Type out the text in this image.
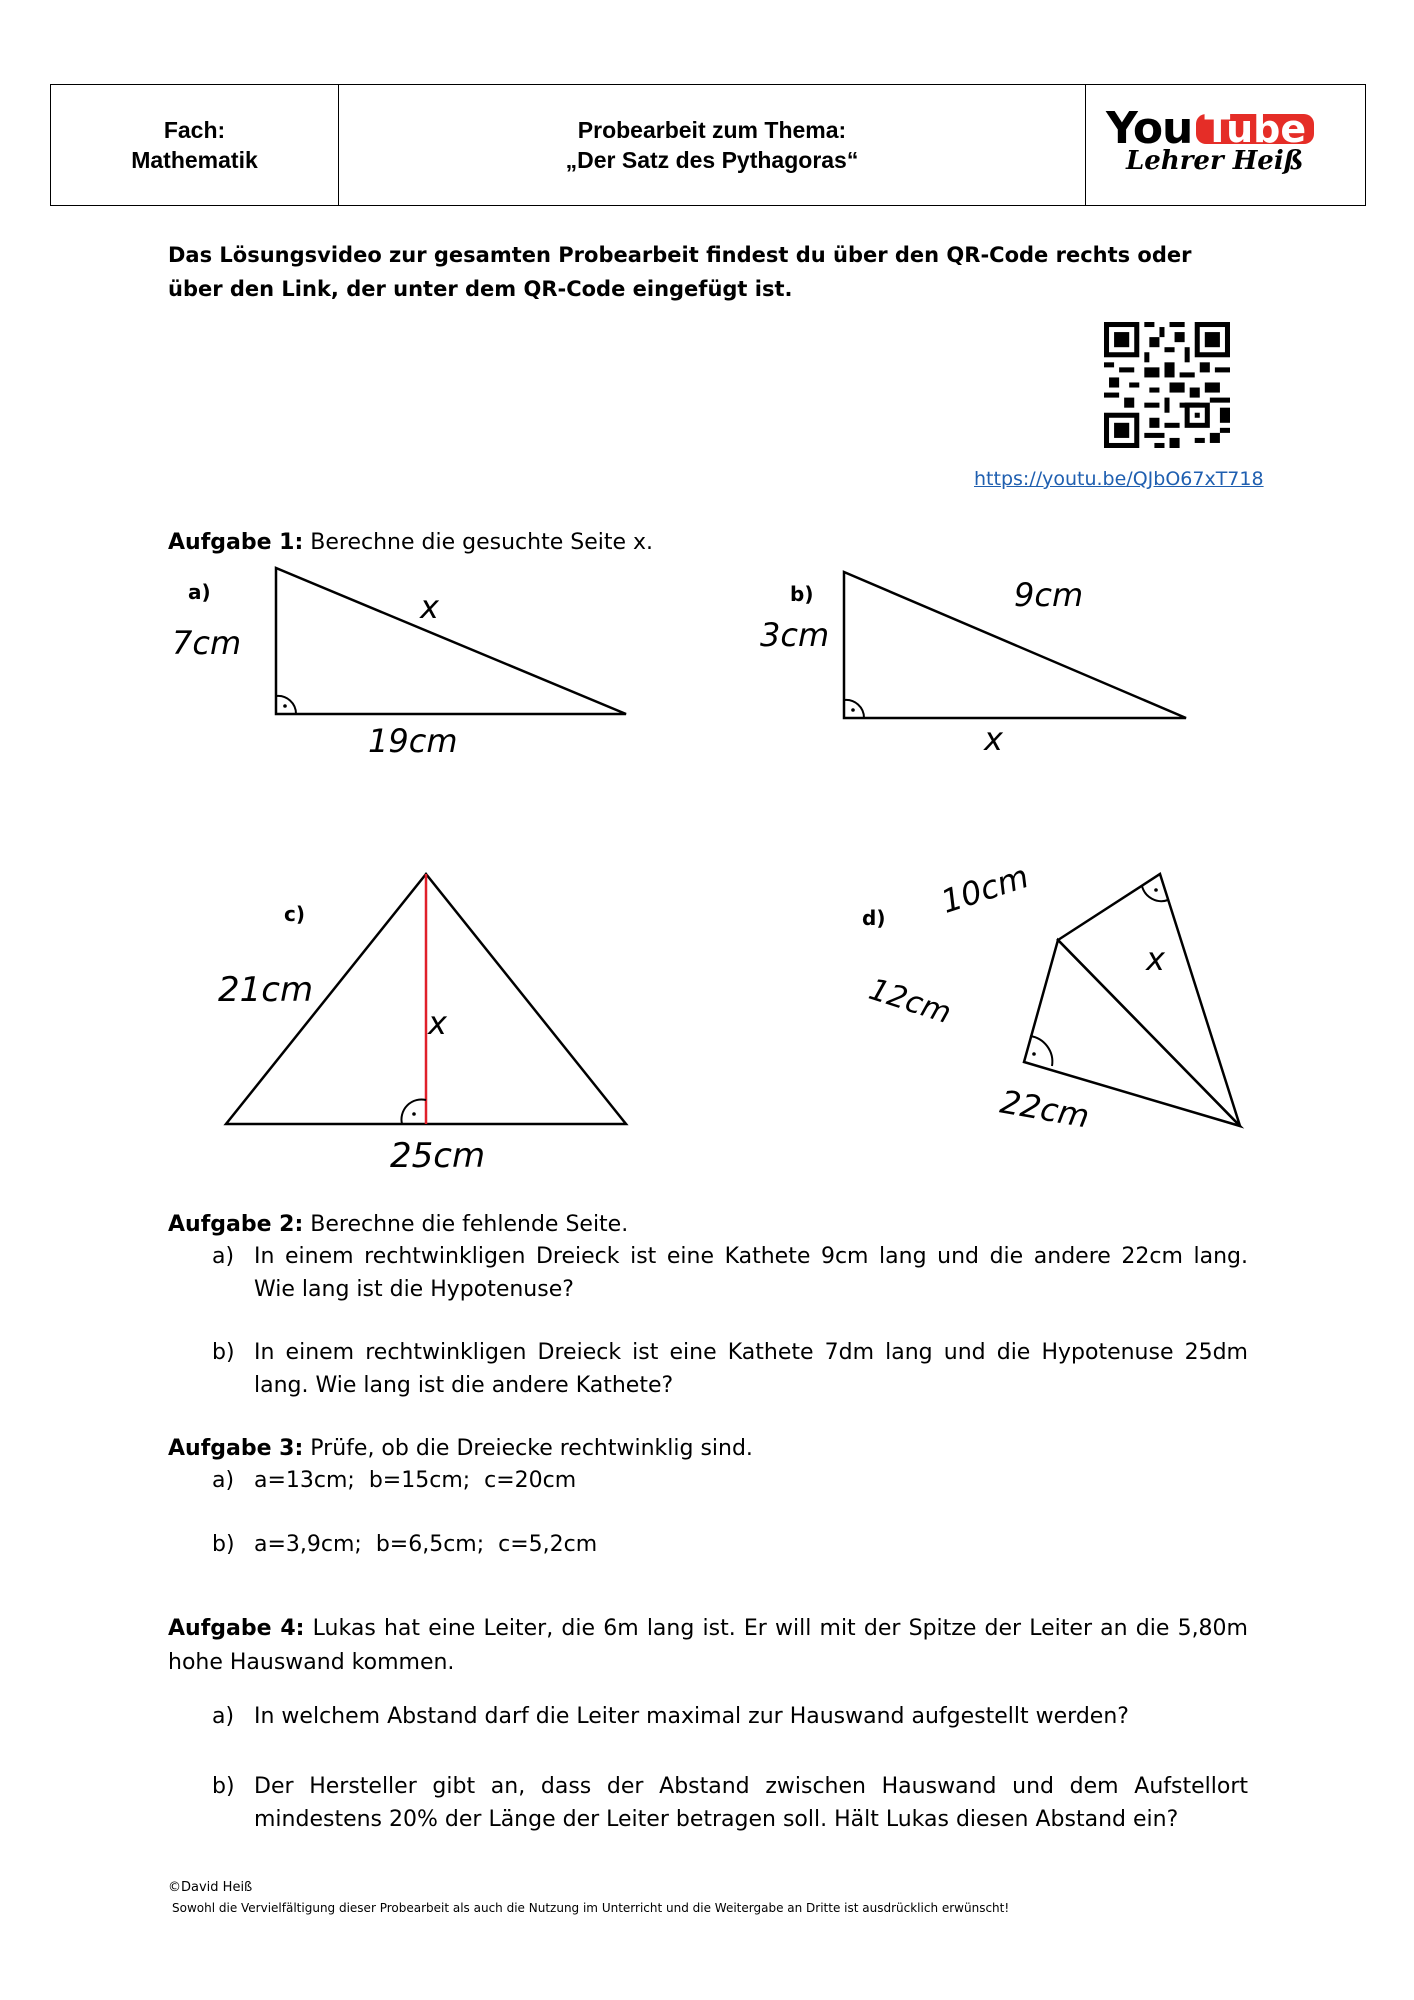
Fach:
Mathematik
Probearbeit zum Thema:
„Der Satz des Pythagoras“
You Tube
Lehrer Heiß
Das Lösungsvideo zur gesamten Probearbeit findest du über den QR-Code rechts oder über den Link, der unter dem QR-Code eingefügt ist.
https://youtu.be/QJbO67xT718
Aufgabe 1: Berechne die gesuchte Seite x.
a)
7cm
x
19cm
b)
3cm
9cm
x
c)
21cm
x
25cm
d) 10cm
x
12cm
22cm
Aufgabe 2: Berechne die fehlende Seite.
a) In einem rechtwinkligen Dreieck ist eine Kathete 9cm lang und die andere 22cm lang. Wie lang ist die Hypotenuse?
b) In einem rechtwinkligen Dreieck ist eine Kathete 7dm lang und die Hypotenuse 25dm lang. Wie lang ist die andere Kathete?
Aufgabe 3: Prüfe, ob die Dreiecke rechtwinklig sind.
a) a=13cm;  b=15cm;  c=20cm
b) a=3,9cm;  b=6,5cm;  c=5,2cm
Aufgabe 4: Lukas hat eine Leiter, die 6m lang ist. Er will mit der Spitze der Leiter an die 5,80m hohe Hauswand kommen.
a) In welchem Abstand darf die Leiter maximal zur Hauswand aufgestellt werden?
b) Der Hersteller gibt an, dass der Abstand zwischen Hauswand und dem Aufstellort mindestens 20% der Länge der Leiter betragen soll. Hält Lukas diesen Abstand ein?
©David Heiß
Sowohl die Vervielfältigung dieser Probearbeit als auch die Nutzung im Unterricht und die Weitergabe an Dritte ist ausdrücklich erwünscht!
